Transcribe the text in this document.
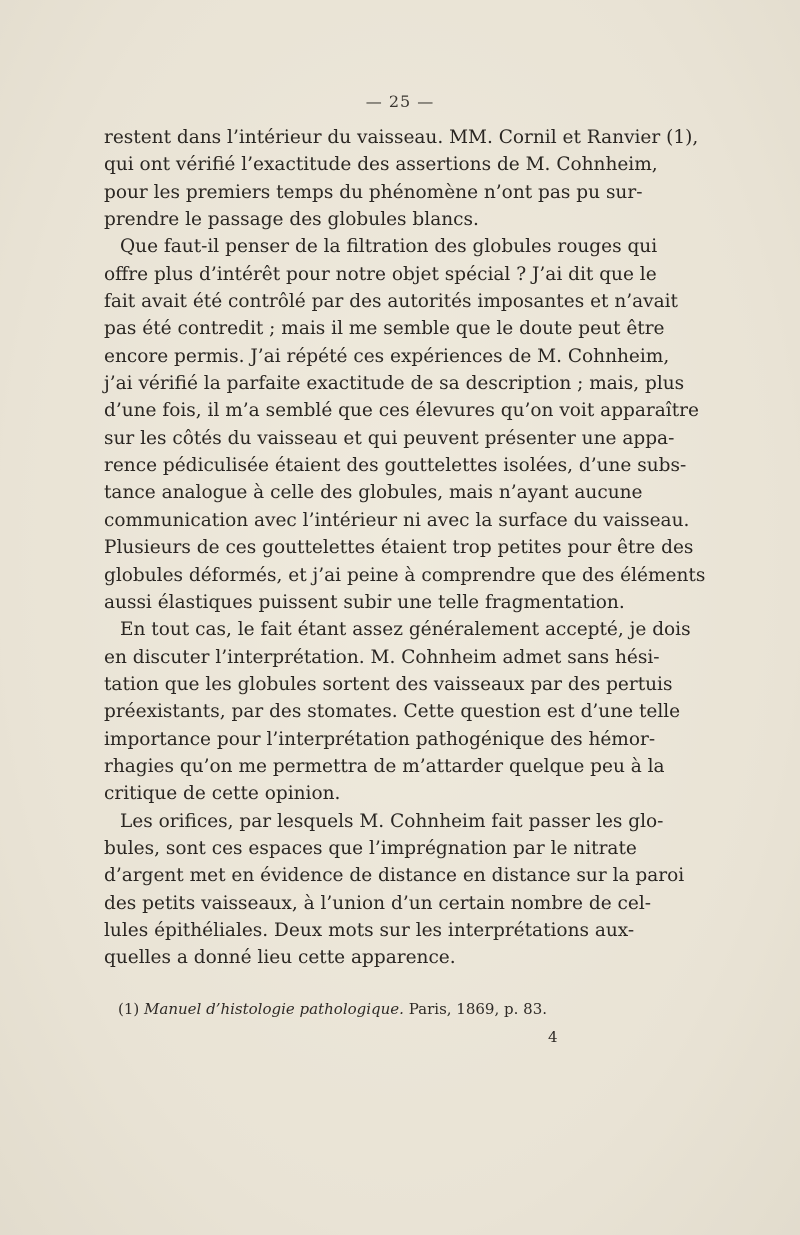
— 25 —
restent dans l’intérieur du vaisseau. MM. Cornil et Ranvier (1),
qui ont vérifié l’exactitude des assertions de M. Cohnheim,
pour les premiers temps du phénomène n’ont pas pu sur-
prendre le passage des globules blancs.
Que faut-il penser de la filtration des globules rouges qui
offre plus d’intérêt pour notre objet spécial ? J’ai dit que le
fait avait été contrôlé par des autorités imposantes et n’avait
pas été contredit ; mais il me semble que le doute peut être
encore permis. J’ai répété ces expériences de M. Cohnheim,
j’ai vérifié la parfaite exactitude de sa description ; mais, plus
d’une fois, il m’a semblé que ces élevures qu’on voit apparaître
sur les côtés du vaisseau et qui peuvent présenter une appa-
rence pédiculisée étaient des gouttelettes isolées, d’une subs-
tance analogue à celle des globules, mais n’ayant aucune
communication avec l’intérieur ni avec la surface du vaisseau.
Plusieurs de ces gouttelettes étaient trop petites pour être des
globules déformés, et j’ai peine à comprendre que des éléments
aussi élastiques puissent subir une telle fragmentation.
En tout cas, le fait étant assez généralement accepté, je dois
en discuter l’interprétation. M. Cohnheim admet sans hési-
tation que les globules sortent des vaisseaux par des pertuis
préexistants, par des stomates. Cette question est d’une telle
importance pour l’interprétation pathogénique des hémor-
rhagies qu’on me permettra de m’attarder quelque peu à la
critique de cette opinion.
Les orifices, par lesquels M. Cohnheim fait passer les glo-
bules, sont ces espaces que l’imprégnation par le nitrate
d’argent met en évidence de distance en distance sur la paroi
des petits vaisseaux, à l’union d’un certain nombre de cel-
lules épithéliales. Deux mots sur les interprétations aux-
quelles a donné lieu cette apparence.
(1) Manuel d’histologie pathologique. Paris, 1869, p. 83.
4
